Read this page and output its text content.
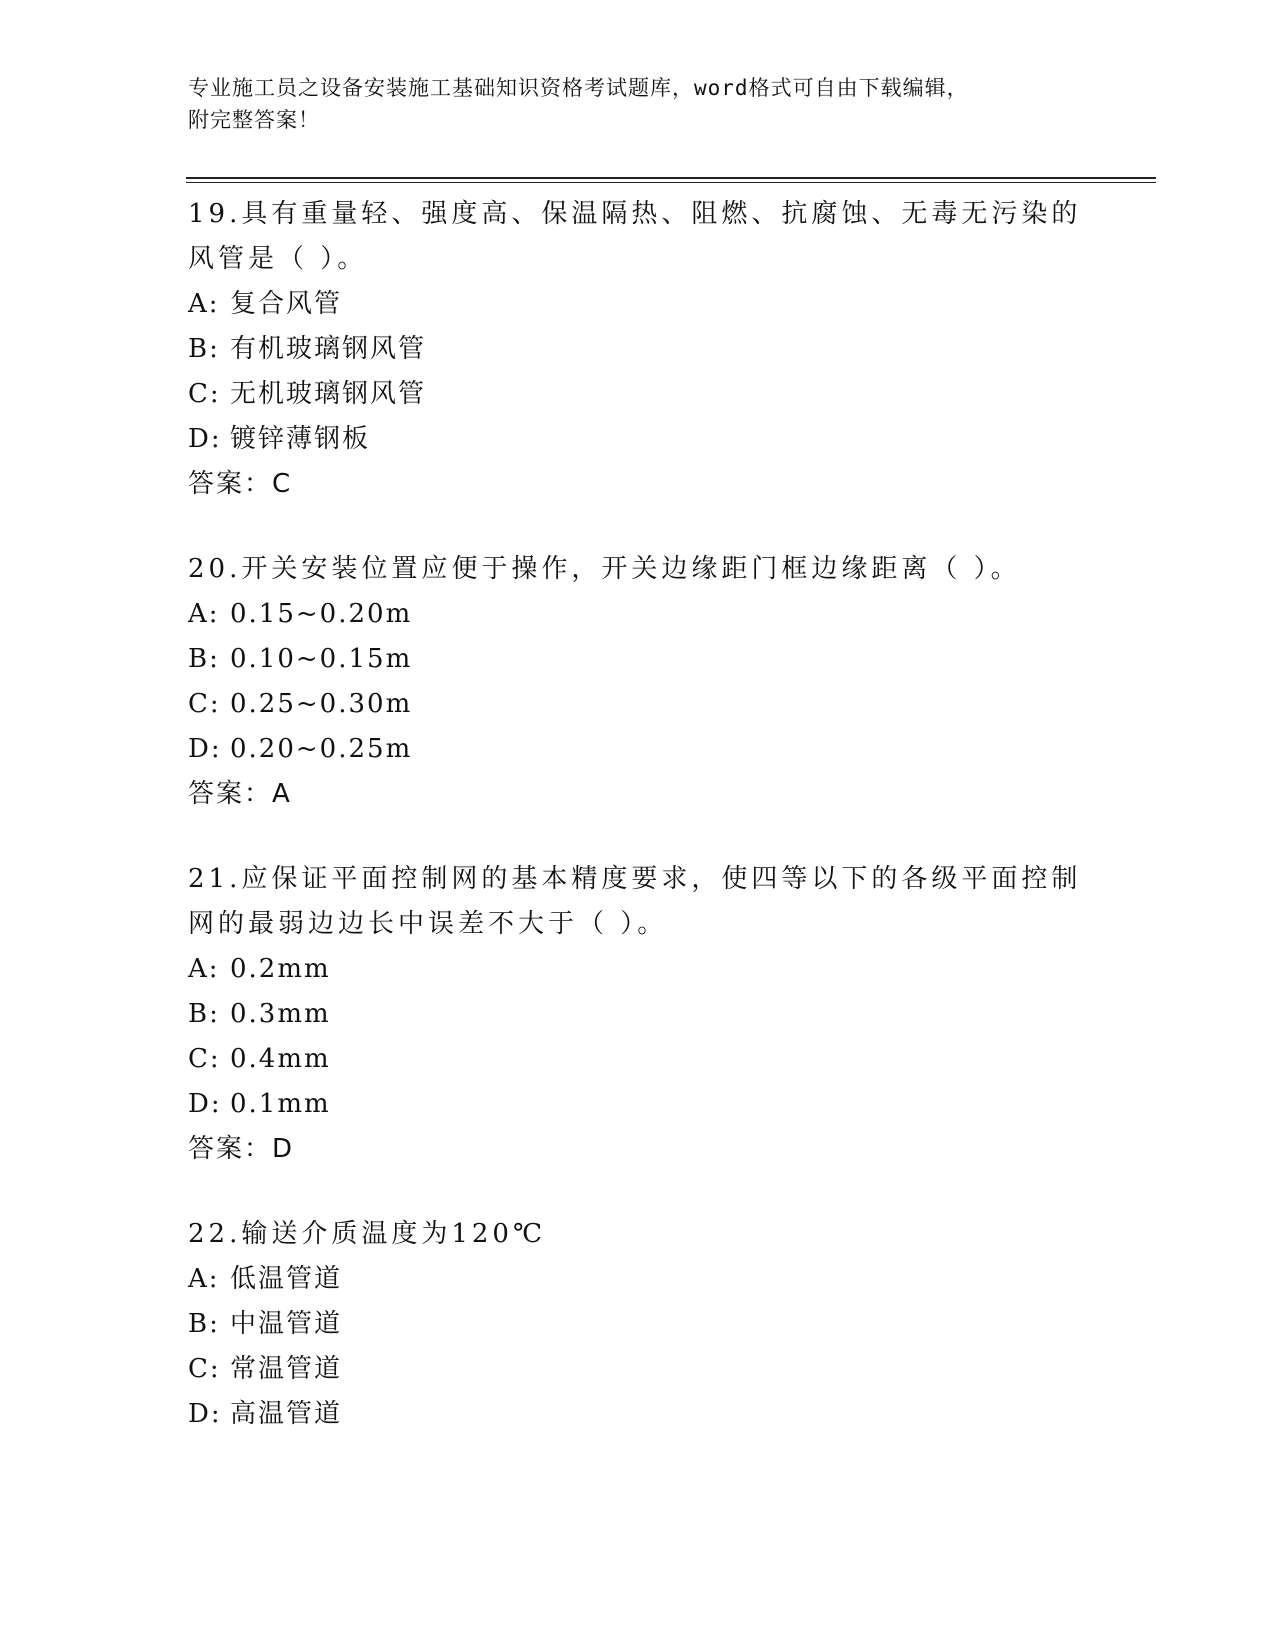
专业施工员之设备安装施工基础知识资格考试题库，word格式可自由下载编辑，
附完整答案！

19.具有重量轻、强度高、保温隔热、阻燃、抗腐蚀、无毒无污染的风管是（ ）。

A: 复合风管

B: 有机玻璃钢风管

C: 无机玻璃钢风管

D: 镀锌薄钢板

答案：C

20.开关安装位置应便于操作，开关边缘距门框边缘距离（ ）。

A: 0.15~0.20m

B: 0.10~0.15m

C: 0.25~0.30m

D: 0.20~0.25m

答案：A

21.应保证平面控制网的基本精度要求，使四等以下的各级平面控制网的最弱边边长中误差不大于（ ）。

A: 0.2mm

B: 0.3mm

C: 0.4mm

D: 0.1mm

答案：D

22.输送介质温度为120℃

A: 低温管道

B: 中温管道

C: 常温管道

D: 高温管道
